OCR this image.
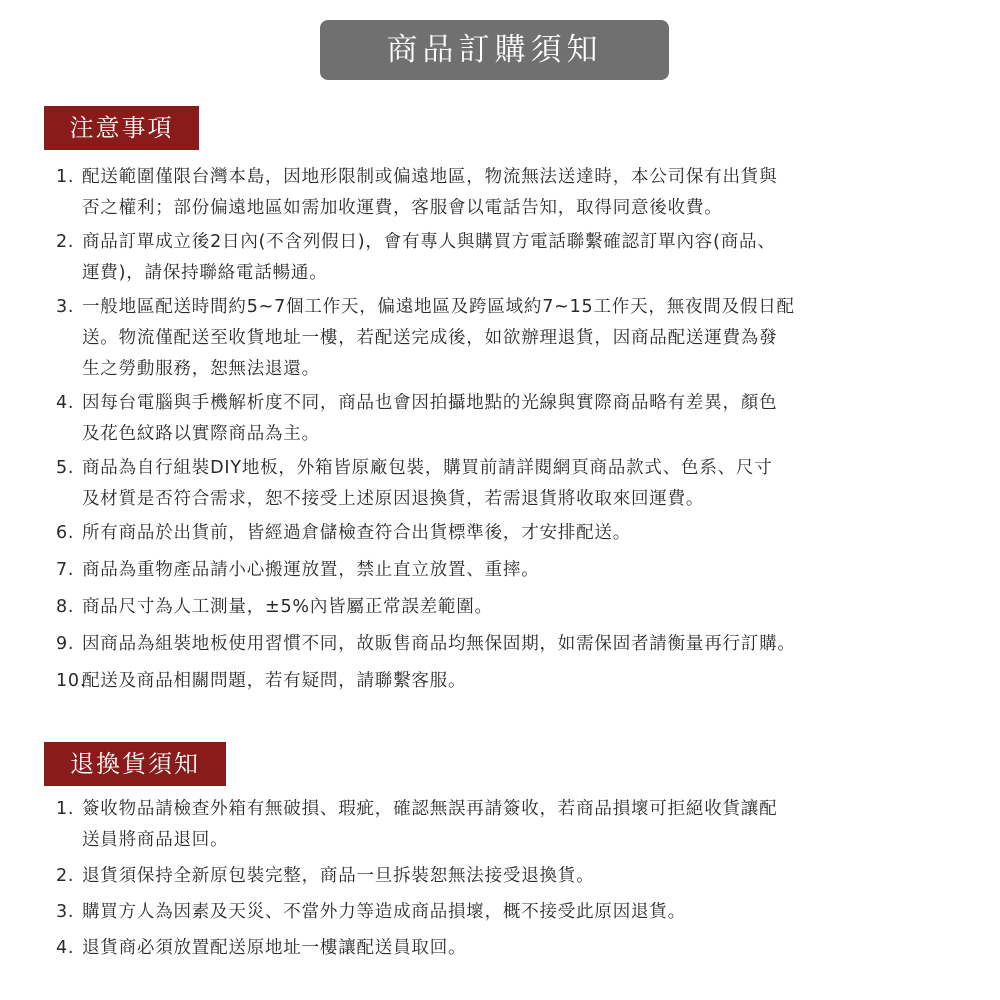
商品訂購須知
注意事項
1. 配送範圍僅限台灣本島，因地形限制或偏遠地區，物流無法送達時，本公司保有出貨與
否之權利；部份偏遠地區如需加收運費，客服會以電話告知，取得同意後收費。
2. 商品訂單成立後2日內(不含列假日)，會有專人與購買方電話聯繫確認訂單內容(商品、
運費)，請保持聯絡電話暢通。
3. 一般地區配送時間約5~7個工作天，偏遠地區及跨區域約7~15工作天，無夜間及假日配
送。物流僅配送至收貨地址一樓，若配送完成後，如欲辦理退貨，因商品配送運費為發
生之勞動服務，恕無法退還。
4. 因每台電腦與手機解析度不同，商品也會因拍攝地點的光線與實際商品略有差異，顏色
及花色紋路以實際商品為主。
5. 商品為自行組裝DIY地板，外箱皆原廠包裝，購買前請詳閱網頁商品款式、色系、尺寸
及材質是否符合需求，恕不接受上述原因退換貨，若需退貨將收取來回運費。
6. 所有商品於出貨前，皆經過倉儲檢查符合出貨標準後，才安排配送。
7. 商品為重物產品請小心搬運放置，禁止直立放置、重摔。
8. 商品尺寸為人工測量，±5%內皆屬正常誤差範圍。
9. 因商品為組裝地板使用習慣不同，故販售商品均無保固期，如需保固者請衡量再行訂購。
10.
配送及商品相關問題，若有疑問，請聯繫客服。
退換貨須知
1. 簽收物品請檢查外箱有無破損、瑕疵，確認無誤再請簽收，若商品損壞可拒絕收貨讓配
送員將商品退回。
2. 退貨須保持全新原包裝完整，商品一旦拆裝恕無法接受退換貨。
3. 購買方人為因素及天災、不當外力等造成商品損壞，概不接受此原因退貨。
4. 退貨商必須放置配送原地址一樓讓配送員取回。
